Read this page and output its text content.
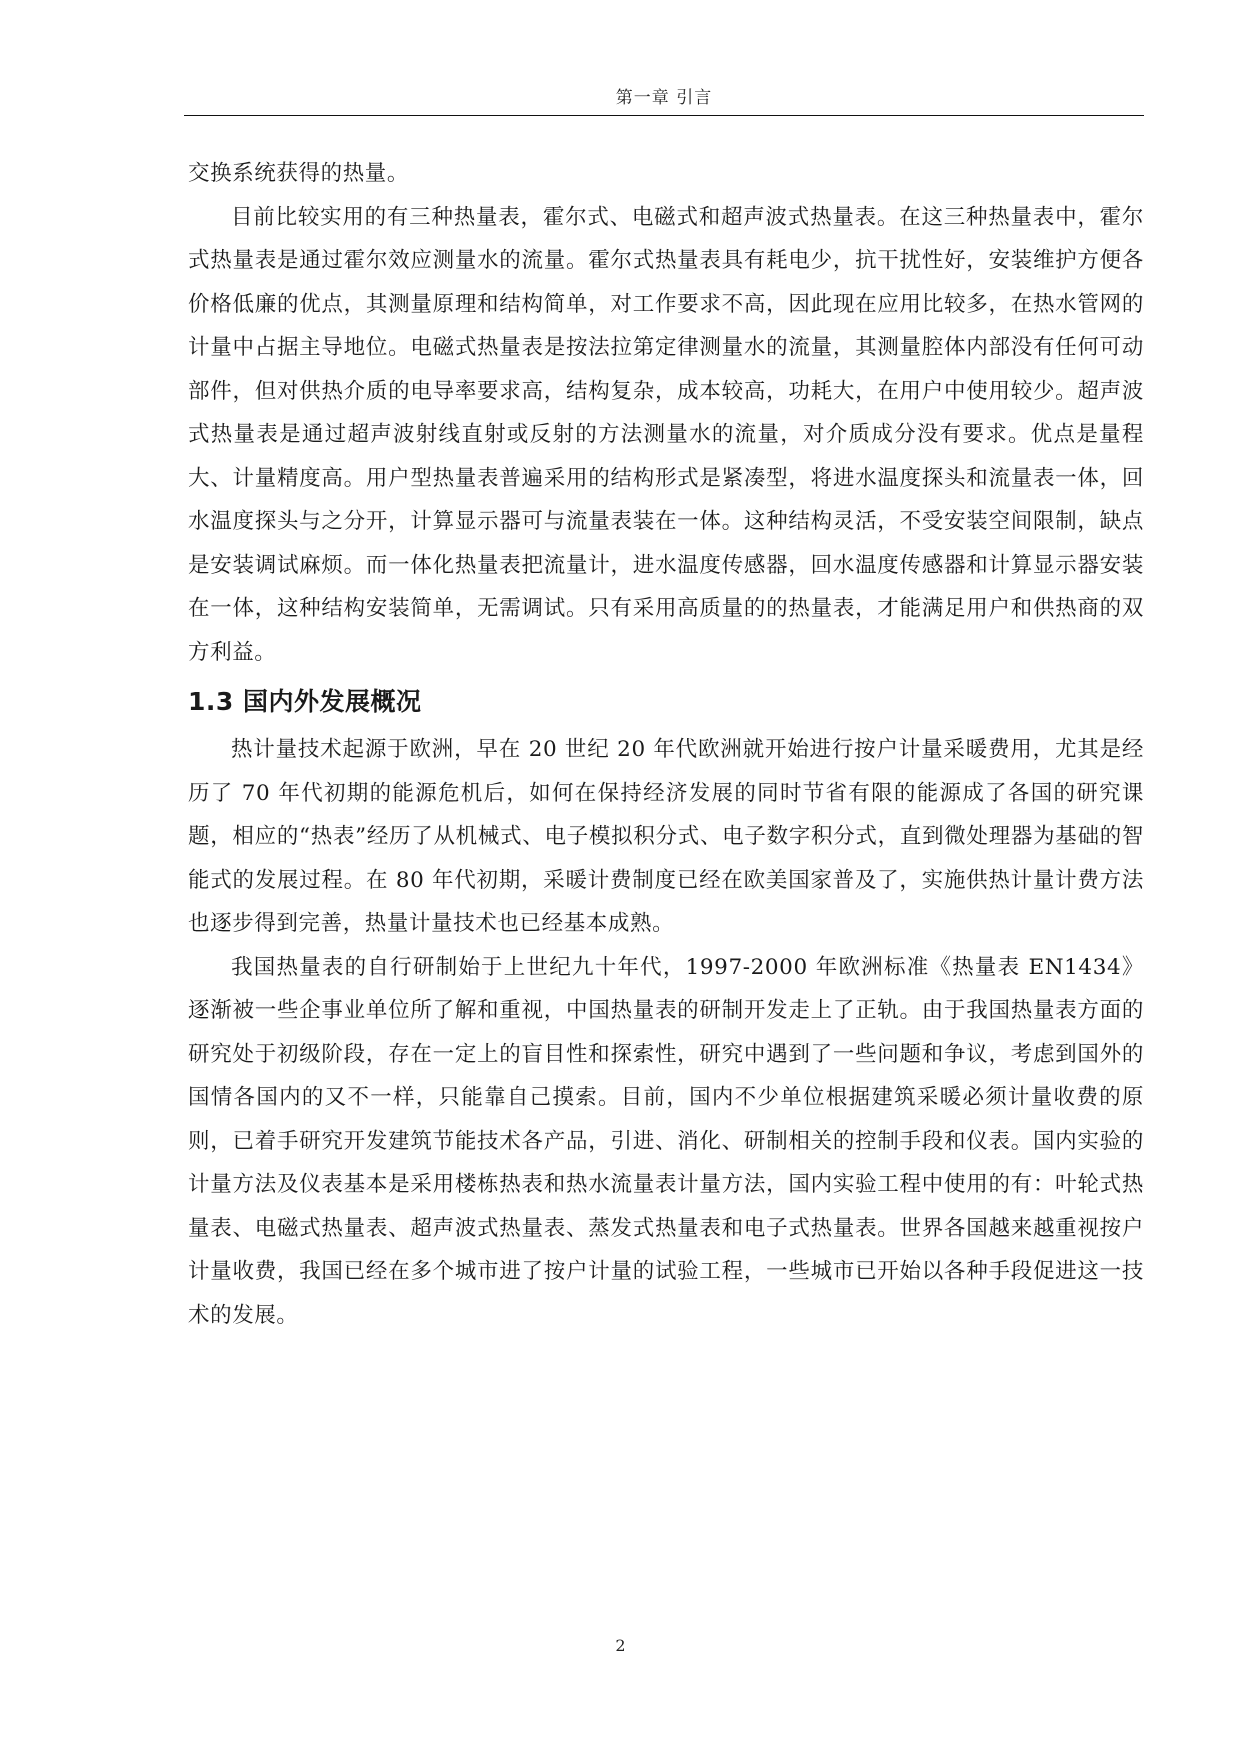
第一章 引言

交换系统获得的热量。

目前比较实用的有三种热量表，霍尔式、电磁式和超声波式热量表。在这三种热量表中，霍尔式热量表是通过霍尔效应测量水的流量。霍尔式热量表具有耗电少，抗干扰性好，安装维护方便各价格低廉的优点，其测量原理和结构简单，对工作要求不高，因此现在应用比较多，在热水管网的计量中占据主导地位。电磁式热量表是按法拉第定律测量水的流量，其测量腔体内部没有任何可动部件，但对供热介质的电导率要求高，结构复杂，成本较高，功耗大，在用户中使用较少。超声波式热量表是通过超声波射线直射或反射的方法测量水的流量，对介质成分没有要求。优点是量程大、计量精度高。用户型热量表普遍采用的结构形式是紧凑型，将进水温度探头和流量表一体，回水温度探头与之分开，计算显示器可与流量表装在一体。这种结构灵活，不受安装空间限制，缺点是安装调试麻烦。而一体化热量表把流量计，进水温度传感器，回水温度传感器和计算显示器安装在一体，这种结构安装简单，无需调试。只有采用高质量的的热量表，才能满足用户和供热商的双方利益。

1.3 国内外发展概况

热计量技术起源于欧洲，早在 20 世纪 20 年代欧洲就开始进行按户计量采暖费用，尤其是经历了 70 年代初期的能源危机后，如何在保持经济发展的同时节省有限的能源成了各国的研究课题，相应的“热表”经历了从机械式、电子模拟积分式、电子数字积分式，直到微处理器为基础的智能式的发展过程。在 80 年代初期，采暖计费制度已经在欧美国家普及了，实施供热计量计费方法也逐步得到完善，热量计量技术也已经基本成熟。

我国热量表的自行研制始于上世纪九十年代，1997-2000 年欧洲标准《热量表 EN1434》逐渐被一些企事业单位所了解和重视，中国热量表的研制开发走上了正轨。由于我国热量表方面的研究处于初级阶段，存在一定上的盲目性和探索性，研究中遇到了一些问题和争议，考虑到国外的国情各国内的又不一样，只能靠自己摸索。目前，国内不少单位根据建筑采暖必须计量收费的原则，已着手研究开发建筑节能技术各产品，引进、消化、研制相关的控制手段和仪表。国内实验的计量方法及仪表基本是采用楼栋热表和热水流量表计量方法，国内实验工程中使用的有：叶轮式热量表、电磁式热量表、超声波式热量表、蒸发式热量表和电子式热量表。世界各国越来越重视按户计量收费，我国已经在多个城市进了按户计量的试验工程，一些城市已开始以各种手段促进这一技术的发展。

2
